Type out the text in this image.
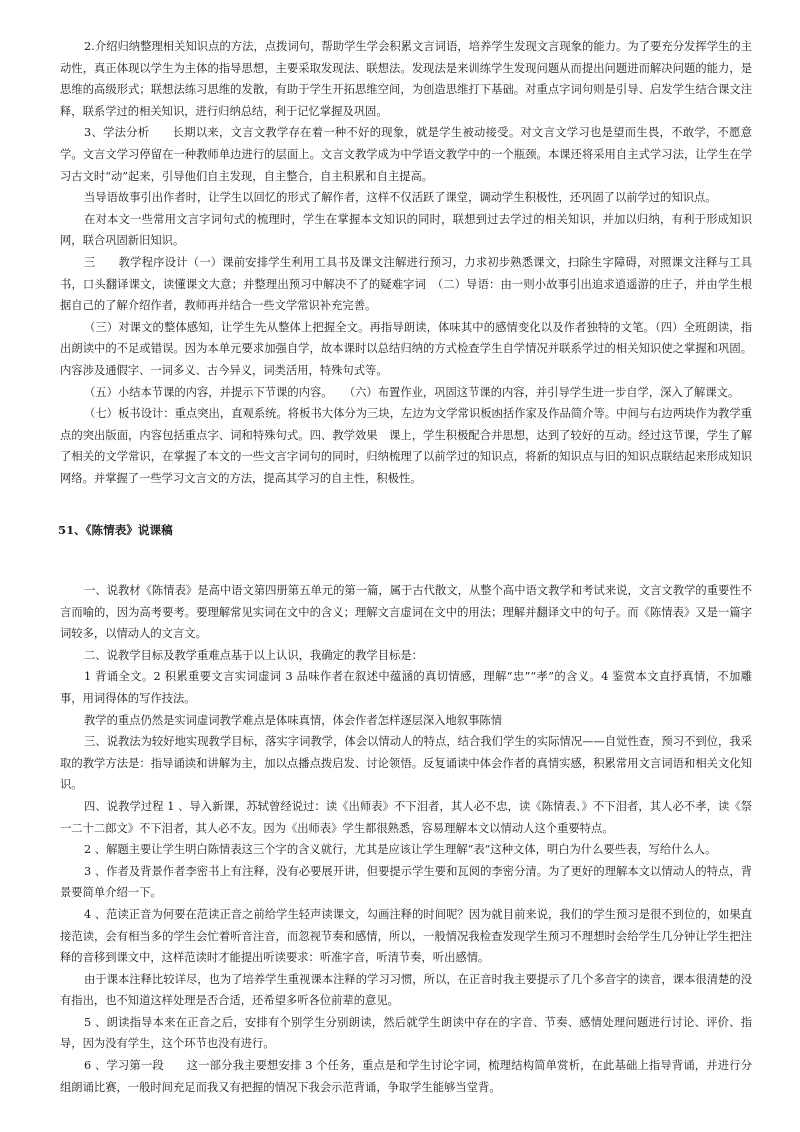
2.介绍归纳整理相关知识点的方法，点拨词句，帮助学生学会积累文言词语，培养学生发现文言现象的能力。为了要充分发挥学生的主动性，真正体现以学生为主体的指导思想，主要采取发现法、联想法。发现法是来训练学生发现问题从而提出问题进而解决问题的能力，是思维的高级形式；联想法练习思维的发散，有助于学生开拓思维空间，为创造思维打下基础。对重点字词句则是引导、启发学生结合课文注释，联系学过的相关知识，进行归纳总结，利于记忆掌握及巩固。

3、学法分析　　长期以来，文言文教学存在着一种不好的现象，就是学生被动接受。对文言文学习也是望而生畏，不敢学，不愿意学。文言文学习停留在一种教师单边进行的层面上。文言文教学成为中学语文教学中的一个瓶颈。本课还将采用自主式学习法，让学生在学习古文时“动”起来，引导他们自主发现，自主整合，自主积累和自主提高。

当导语故事引出作者时，让学生以回忆的形式了解作者，这样不仅活跃了课堂，调动学生积极性，还巩固了以前学过的知识点。

在对本文一些常用文言字词句式的梳理时，学生在掌握本文知识的同时，联想到过去学过的相关知识，并加以归纳，有利于形成知识网，联合巩固新旧知识。

三　　教学程序设计（一）课前安排学生利用工具书及课文注解进行预习，力求初步熟悉课文，扫除生字障碍，对照课文注释与工具书，口头翻译课文，读懂课文大意；并整理出预习中解决不了的疑难字词　（二）导语：由一则小故事引出追求逍遥游的庄子，并由学生根据自己的了解介绍作者，教师再并结合一些文学常识补充完善。

（三）对课文的整体感知，让学生先从整体上把握全文。再指导朗读，体味其中的感情变化以及作者独特的文笔。（四）全班朗读，指出朗读中的不足或错误。因为本单元要求加强自学，故本课时以总结归纳的方式检查学生自学情况并联系学过的相关知识使之掌握和巩固。内容涉及通假字、一词多义、古今异义，词类活用，特殊句式等。

（五）小结本节课的内容，并提示下节课的内容。　　（六）布置作业，巩固这节课的内容，并引导学生进一步自学，深入了解课文。

（七）板书设计：重点突出，直观系统。将板书大体分为三块，左边为文学常识板凼括作家及作品简介等。中间与右边两块作为教学重点的突出版面，内容包括重点字、词和特殊句式。四、教学效果　课上，学生积极配合并思想，达到了较好的互动。经过这节课，学生了解了相关的文学常识，在掌握了本文的一些文言字词句的同时，归纳梳理了以前学过的知识点，将新的知识点与旧的知识点联结起来形成知识网络。并掌握了一些学习文言文的方法，提高其学习的自主性，积极性。

51、《陈情表》说课稿

一、说教材《陈情表》是高中语文第四册第五单元的第一篇，属于古代散文，从整个高中语文教学和考试来说，文言文教学的重要性不言而喻的，因为高考要考。要理解常见实词在文中的含义；理解文言虚词在文中的用法；理解并翻译文中的句子。而《陈情表》又是一篇字词较多，以情动人的文言文。

二、说教学目标及教学重难点基于以上认识，我确定的教学目标是：

1 背诵全文。2 积累重要文言实词虚词 3 品味作者在叙述中蕴涵的真切情感，理解“忠”“孝”的含义。4 鉴赏本文直抒真情，不加雕事，用词得体的写作技法。

教学的重点仍然是实词虚词教学难点是体味真情，体会作者怎样逐层深入地叙事陈情

三、说教法为较好地实现教学目标，落实字词教学，体会以情动人的特点，结合我们学生的实际情况——自觉性查，预习不到位，我采取的教学方法是：指导诵读和讲解为主，加以点播点拨启发、讨论领悟。反复诵读中体会作者的真情实感，积累常用文言词语和相关文化知识。

四、说教学过程 1 、导入新课，苏轼曾经说过：读《出师表》不下泪者，其人必不忠，读《陈情表、》不下泪者，其人必不孝，读《祭一二十二郎文》不下泪者，其人必不友。因为《出师表》学生都很熟悉，容易理解本文以情动人这个重要特点。

2 、解题主要让学生明白陈情表这三个字的含义就行，尤其是应该让学生理解“表”这种文体，明白为什么要些表，写给什么人。

3 、作者及背景作者李密书上有注释，没有必要展开讲，但要提示学生要和瓦阅的李密分清。为了更好的理解本文以情动人的特点，背景要简单介绍一下。

4 、范读正音为何要在范读正音之前给学生轻声读课文，勾画注释的时间呢？因为就目前来说，我们的学生预习是很不到位的，如果直接范读，会有相当多的学生会忙着听音注音，而忽视节奏和感情，所以，一般情况我检查发现学生预习不理想时会给学生几分钟让学生把注释的音移到课文中，这样范读时才能提出听读要求：听准字音，听清节奏，听出感情。

由于课本注释比较详尽，也为了培养学生重视课本注释的学习习惯，所以，在正音时我主要提示了几个多音字的读音，课本很清楚的没有指出，也不知道这样处理是否合适，还希望多听各位前辈的意见。

5 、朗读指导本来在正音之后，安排有个别学生分别朗读，然后就学生朗读中存在的字音、节奏、感情处理问题进行讨论、评价、指导，因为没有学生，这个环节也没有进行。

6 、学习第一段　　这一部分我主要想安排 3 个任务，重点是和学生讨论字词，梳理结构简单赏析，在此基础上指导背诵，并进行分组朗诵比赛，一般时间充足而我又有把握的情况下我会示范背诵，争取学生能够当堂背。
